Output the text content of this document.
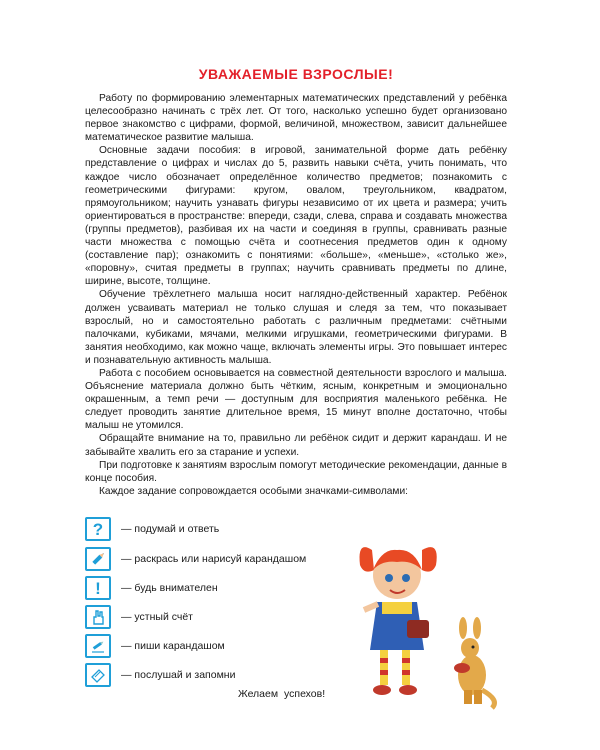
УВАЖАЕМЫЕ ВЗРОСЛЫЕ!

Работу по формированию элементарных математических представлений у ребёнка целесообразно начинать с трёх лет. От того, насколько успешно будет организовано первое знакомство с цифрами, формой, величиной, множеством, зависит дальнейшее математическое развитие малыша.

Основные задачи пособия: в игровой, занимательной форме дать ребёнку представление о цифрах и числах до 5, развить навыки счёта, учить понимать, что каждое число обозначает определённое количество предметов; познакомить с геометрическими фигурами: кругом, овалом, треугольником, квадратом, прямоугольником; научить узнавать фигуры независимо от их цвета и размера; учить ориентироваться в пространстве: впереди, сзади, слева, справа и создавать множества (группы предметов), разбивая их на части и соединяя в группы, сравнивать разные части множества с помощью счёта и соотнесения предметов один к одному (составление пар); ознакомить с понятиями: «больше», «меньше», «столько же», «поровну», считая предметы в группах; научить сравнивать предметы по длине, ширине, высоте, толщине.

Обучение трёхлетнего малыша носит наглядно-действенный характер. Ребёнок должен усваивать материал не только слушая и следя за тем, что показывает взрослый, но и самостоятельно работать с различным предметами: счётными палочками, кубиками, мячами, мелкими игрушками, геометрическими фигурами. В занятия необходимо, как можно чаще, включать элементы игры. Это повышает интерес и познавательную активность малыша.

Работа с пособием основывается на совместной деятельности взрослого и малыша. Объяснение материала должно быть чётким, ясным, конкретным и эмоционально окрашенным, а темп речи — доступным для восприятия маленького ребёнка. Не следует проводить занятие длительное время, 15 минут вполне достаточно, чтобы малыш не утомился.

Обращайте внимание на то, правильно ли ребёнок сидит и держит карандаш. И не забывайте хвалить его за старание и успехи.

При подготовке к занятиям взрослым помогут методические рекомендации, данные в конце пособия.

Каждое задание сопровождается особыми значками-символами:

? — подумай и ответь
— раскрась или нарисуй карандашом
! — будь внимателен
— устный счёт
— пиши карандашом
— послушай и запомни
Желаем успехов!
